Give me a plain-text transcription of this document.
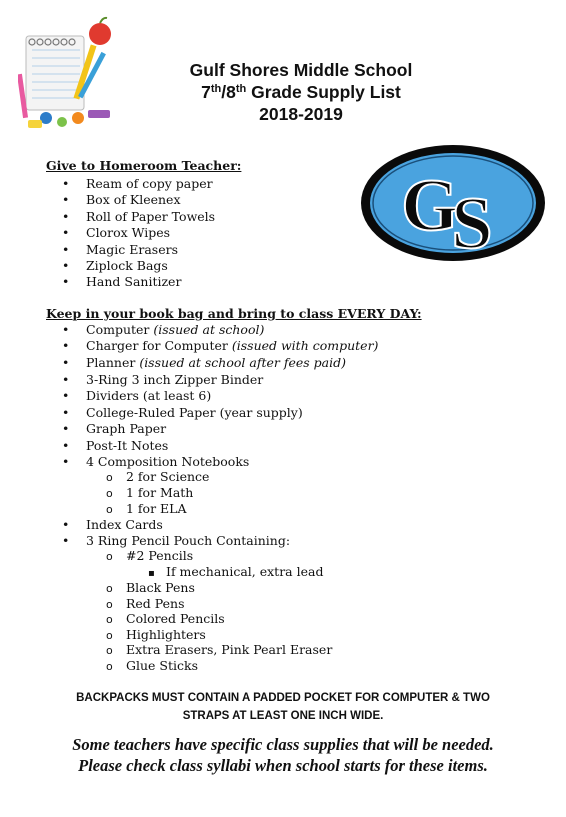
Gulf Shores Middle School
7th/8th Grade Supply List
2018-2019
G
S
Give to Homeroom Teacher:
•
Ream of copy paper
•
Box of Kleenex
•
Roll of Paper Towels
•
Clorox Wipes
•
Magic Erasers
•
Ziplock Bags
•
Hand Sanitizer
Keep in your book bag and bring to class EVERY DAY:
•
Computer (issued at school)
•
Charger for Computer (issued with computer)
•
Planner (issued at school after fees paid)
•
3-Ring 3 inch Zipper Binder
•
Dividers (at least 6)
•
College-Ruled Paper (year supply)
•
Graph Paper
•
Post-It Notes
•
4 Composition Notebooks
o
2 for Science
o
1 for Math
o
1 for ELA
•
Index Cards
•
3 Ring Pencil Pouch Containing:
o
#2 Pencils
▪
If mechanical, extra lead
o
Black Pens
o
Red Pens
o
Colored Pencils
o
Highlighters
o
Extra Erasers, Pink Pearl Eraser
o
Glue Sticks
BACKPACKS MUST CONTAIN A PADDED POCKET FOR COMPUTER & TWO
STRAPS AT LEAST ONE INCH WIDE.
Some teachers have specific class supplies that will be needed.
Please check class syllabi when school starts for these items.
